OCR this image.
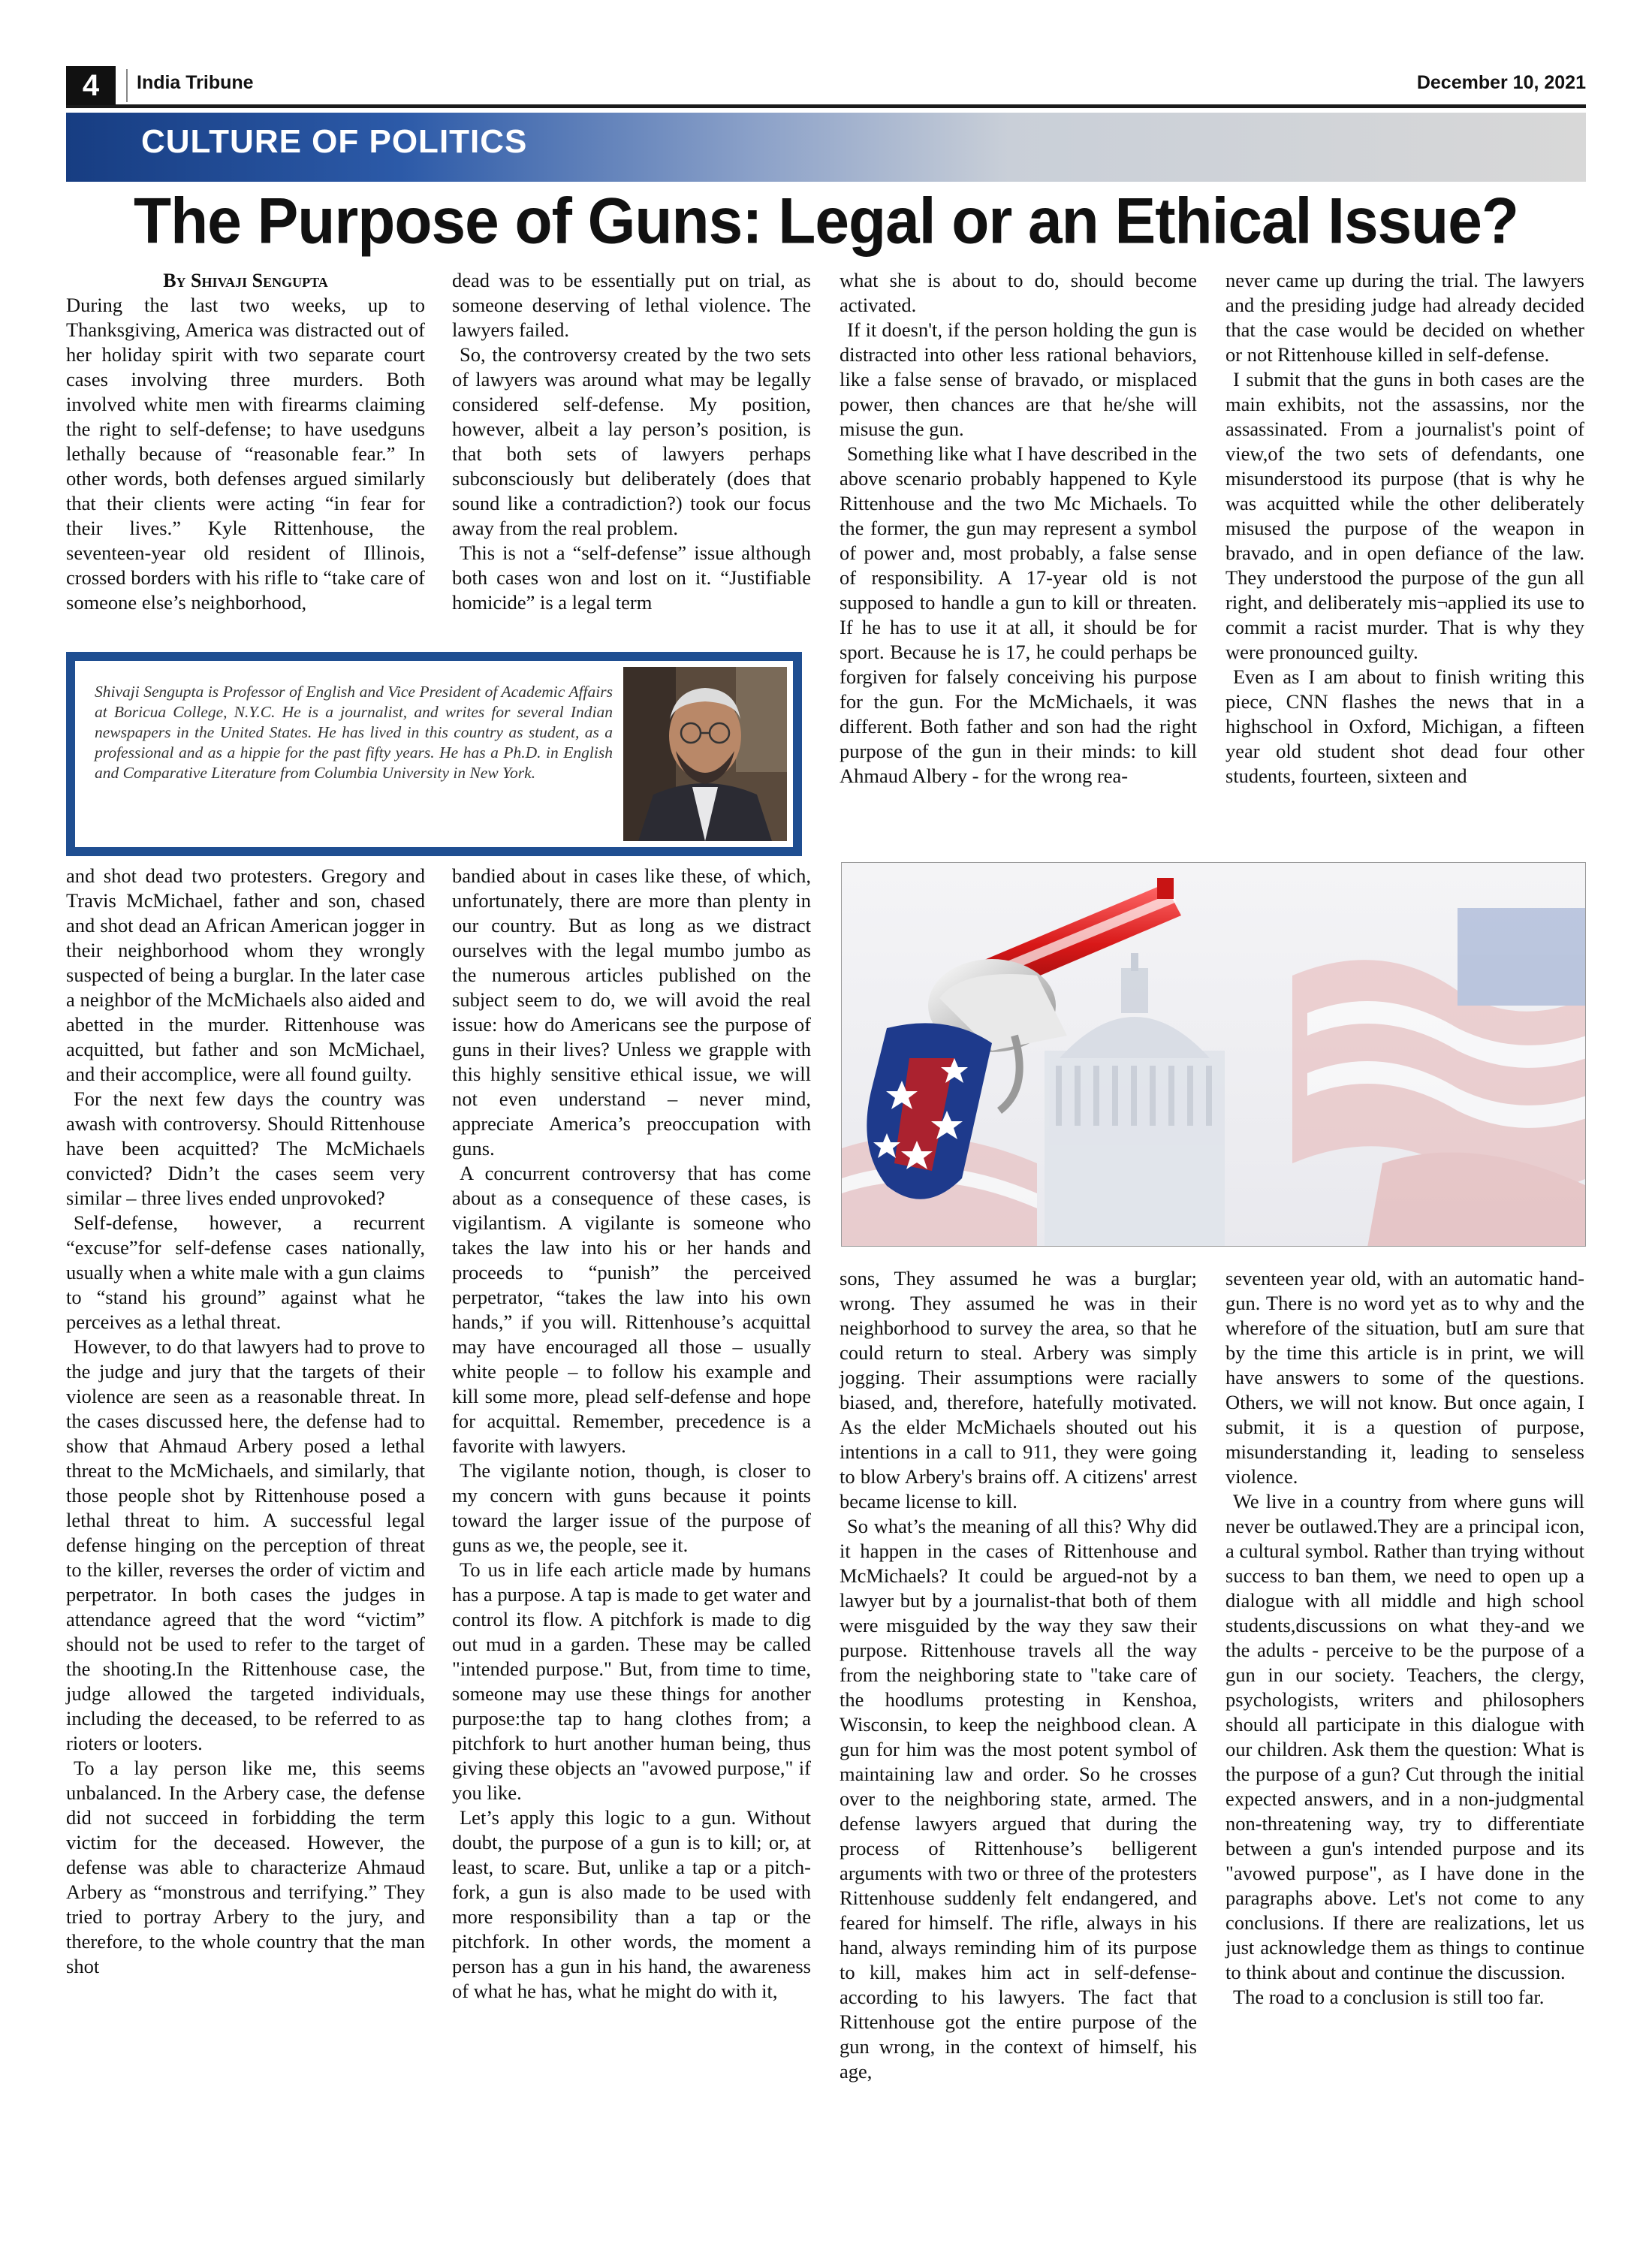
4	India Tribune	December 10, 2021
CULTURE OF POLITICS
The Purpose of Guns: Legal or an Ethical Issue?

By Shivaji Sengupta

During the last two weeks, up to Thanksgiving, America was distracted out of her holiday spirit with two separate court cases involving three murders. Both involved white men with firearms claiming the right to self-defense; to have usedguns lethally because of “reasonable fear.” In other words, both defenses argued similarly that their clients were acting “in fear for their lives.” Kyle Rittenhouse, the seventeen-year old resident of Illinois, crossed borders with his rifle to “take care of someone else’s neighborhood,

dead was to be essentially put on trial, as someone deserving of lethal violence. The lawyers failed.

So, the controversy created by the two sets of lawyers was around what may be legally considered self-defense. My position, however, albeit a lay person’s position, is that both sets of lawyers perhaps subconsciously but deliberately (does that sound like a contradiction?) took our focus away from the real problem.

This is not a “self-defense” issue although both cases won and lost on it. “Justifiable homicide” is a legal term

what she is about to do, should become activated.

If it doesn't, if the person holding the gun is distracted into other less rational behaviors, like a false sense of bravado, or misplaced power, then chances are that he/she will misuse the gun.

Something like what I have described in the above scenario probably happened to Kyle Rittenhouse and the two Mc Michaels. To the former, the gun may represent a symbol of power and, most probably, a false sense of responsibility. A 17-year old is not supposed to handle a gun to kill or threaten. If he has to use it at all, it should be for sport. Because he is 17, he could perhaps be forgiven for falsely conceiving his purpose for the gun. For the McMichaels, it was different. Both father and son had the right purpose of the gun in their minds: to kill Ahmaud Albery - for the wrong rea-

never came up during the trial. The lawyers and the presiding judge had already decided that the case would be decided on whether or not Rittenhouse killed in self-defense.

I submit that the guns in both cases are the main exhibits, not the assassins, nor the assassinated. From a journalist's point of view,of the two sets of defendants, one misunderstood its purpose (that is why he was acquitted while the other deliberately misused the purpose of the weapon in bravado, and in open defiance of the law. They understood the purpose of the gun all right, and deliberately mis¬applied its use to commit a racist murder. That is why they were pronounced guilty.

Even as I am about to finish writing this piece, CNN flashes the news that in a highschool in Oxford, Michigan, a fifteen year old student shot dead four other students, fourteen, sixteen and

Shivaji Sengupta is Professor of English and Vice President of Academic Affairs at Boricua College, N.Y.C. He is a journalist, and writes for several Indian newspapers in the United States. He has lived in this country as student, as a professional and as a hippie for the past fifty years. He has a Ph.D. in English and Comparative Literature from Columbia University in New York.

and shot dead two protesters. Gregory and Travis McMichael, father and son, chased and shot dead an African American jogger in their neighborhood whom they wrongly suspected of being a burglar. In the later case a neighbor of the McMichaels also aided and abetted in the murder. Rittenhouse was acquitted, but father and son McMichael, and their accomplice, were all found guilty.

For the next few days the country was awash with controversy. Should Rittenhouse have been acquitted? The McMichaels convicted? Didn’t the cases seem very similar – three lives ended unprovoked?

Self-defense, however, a recurrent “excuse”for self-defense cases nationally, usually when a white male with a gun claims to “stand his ground” against what he perceives as a lethal threat.

However, to do that lawyers had to prove to the judge and jury that the targets of their violence are seen as a reasonable threat. In the cases discussed here, the defense had to show that Ahmaud Arbery posed a lethal threat to the McMichaels, and similarly, that those people shot by Rittenhouse posed a lethal threat to him. A successful legal defense hinging on the perception of threat to the killer, reverses the order of victim and perpetrator. In both cases the judges in attendance agreed that the word “victim” should not be used to refer to the target of the shooting.In the Rittenhouse case, the judge allowed the targeted individuals, including the deceased, to be referred to as rioters or looters.

To a lay person like me, this seems unbalanced. In the Arbery case, the defense did not succeed in forbidding the term victim for the deceased. However, the defense was able to characterize Ahmaud Arbery as “monstrous and terrifying.” They tried to portray Arbery to the jury, and therefore, to the whole country that the man shot

bandied about in cases like these, of which, unfortunately, there are more than plenty in our country. But as long as we distract ourselves with the legal mumbo jumbo as the numerous articles published on the subject seem to do, we will avoid the real issue: how do Americans see the purpose of guns in their lives? Unless we grapple with this highly sensitive ethical issue, we will not even understand – never mind, appreciate America’s preoccupation with guns.

A concurrent controversy that has come about as a consequence of these cases, is vigilantism. A vigilante is someone who takes the law into his or her hands and proceeds to “punish” the perceived perpetrator, “takes the law into his own hands,” if you will. Rittenhouse’s acquittal may have encouraged all those – usually white people – to follow his example and kill some more, plead self-defense and hope for acquittal. Remember, precedence is a favorite with lawyers.

The vigilante notion, though, is closer to my concern with guns because it points toward the larger issue of the purpose of guns as we, the people, see it.

To us in life each article made by humans has a purpose. A tap is made to get water and control its flow. A pitchfork is made to dig out mud in a garden. These may be called "intended purpose." But, from time to time, someone may use these things for another purpose:the tap to hang clothes from; a pitchfork to hurt another human being, thus giving these objects an "avowed purpose," if you like.

Let’s apply this logic to a gun. Without doubt, the purpose of a gun is to kill; or, at least, to scare. But, unlike a tap or a pitch-fork, a gun is also made to be used with more responsibility than a tap or the pitchfork. In other words, the moment a person has a gun in his hand, the awareness of what he has, what he might do with it,

sons, They assumed he was a burglar; wrong. They assumed he was in their neighborhood to survey the area, so that he could return to steal. Arbery was simply jogging. Their assumptions were racially biased, and, therefore, hatefully motivated. As the elder McMichaels shouted out his intentions in a call to 911, they were going to blow Arbery's brains off. A citizens' arrest became license to kill.

So what’s the meaning of all this? Why did it happen in the cases of Rittenhouse and McMichaels? It could be argued-not by a lawyer but by a journalist-that both of them were misguided by the way they saw their purpose. Rittenhouse travels all the way from the neighboring state to "take care of the hoodlums protesting in Kenshoa, Wisconsin, to keep the neighbood clean. A gun for him was the most potent symbol of maintaining law and order. So he crosses over to the neighboring state, armed. The defense lawyers argued that during the process of Rittenhouse’s belligerent arguments with two or three of the protesters Rittenhouse suddenly felt endangered, and feared for himself. The rifle, always in his hand, always reminding him of its purpose to kill, makes him act in self-defense- according to his lawyers. The fact that Rittenhouse got the entire purpose of the gun wrong, in the context of himself, his age,

seventeen year old, with an automatic hand-gun. There is no word yet as to why and the wherefore of the situation, butI am sure that by the time this article is in print, we will have answers to some of the questions. Others, we will not know. But once again, I submit, it is a question of purpose, misunderstanding it, leading to senseless violence.

We live in a country from where guns will never be outlawed.They are a principal icon, a cultural symbol. Rather than trying without success to ban them, we need to open up a dialogue with all middle and high school students,discussions on what they-and we the adults - perceive to be the purpose of a gun in our society. Teachers, the clergy, psychologists, writers and philosophers should all participate in this dialogue with our children. Ask them the question: What is the purpose of a gun? Cut through the initial expected answers, and in a non-judgmental non-threatening way, try to differentiate between a gun's intended purpose and its "avowed purpose", as I have done in the paragraphs above. Let's not come to any conclusions. If there are realizations, let us just acknowledge them as things to continue to think about and continue the discussion.

The road to a conclusion is still too far.
